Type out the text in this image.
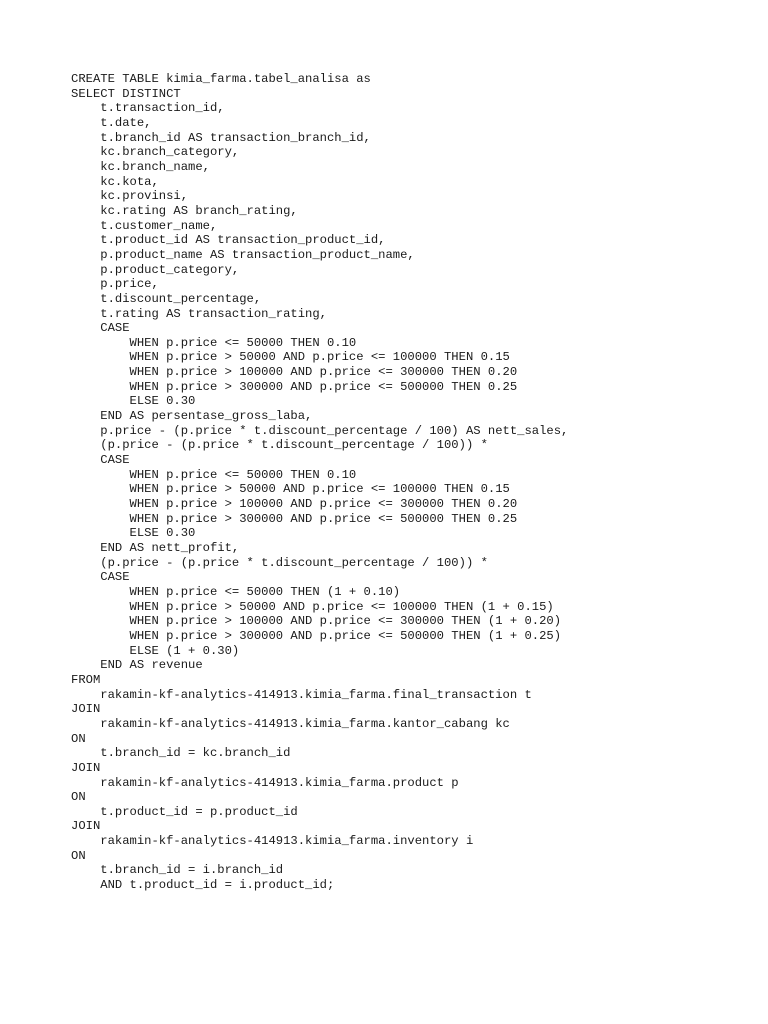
CREATE TABLE kimia_farma.tabel_analisa as
SELECT DISTINCT
t.transaction_id,
t.date,
t.branch_id AS transaction_branch_id,
kc.branch_category,
kc.branch_name,
kc.kota,
kc.provinsi,
kc.rating AS branch_rating,
t.customer_name,
t.product_id AS transaction_product_id,
p.product_name AS transaction_product_name,
p.product_category,
p.price,
t.discount_percentage,
t.rating AS transaction_rating,
CASE
WHEN p.price <= 50000 THEN 0.10
WHEN p.price > 50000 AND p.price <= 100000 THEN 0.15
WHEN p.price > 100000 AND p.price <= 300000 THEN 0.20
WHEN p.price > 300000 AND p.price <= 500000 THEN 0.25
ELSE 0.30
END AS persentase_gross_laba,
p.price - (p.price * t.discount_percentage / 100) AS nett_sales,
(p.price - (p.price * t.discount_percentage / 100)) *
CASE
WHEN p.price <= 50000 THEN 0.10
WHEN p.price > 50000 AND p.price <= 100000 THEN 0.15
WHEN p.price > 100000 AND p.price <= 300000 THEN 0.20
WHEN p.price > 300000 AND p.price <= 500000 THEN 0.25
ELSE 0.30
END AS nett_profit,
(p.price - (p.price * t.discount_percentage / 100)) *
CASE
WHEN p.price <= 50000 THEN (1 + 0.10)
WHEN p.price > 50000 AND p.price <= 100000 THEN (1 + 0.15)
WHEN p.price > 100000 AND p.price <= 300000 THEN (1 + 0.20)
WHEN p.price > 300000 AND p.price <= 500000 THEN (1 + 0.25)
ELSE (1 + 0.30)
END AS revenue
FROM
rakamin-kf-analytics-414913.kimia_farma.final_transaction t
JOIN
rakamin-kf-analytics-414913.kimia_farma.kantor_cabang kc
ON
t.branch_id = kc.branch_id
JOIN
rakamin-kf-analytics-414913.kimia_farma.product p
ON
t.product_id = p.product_id
JOIN
rakamin-kf-analytics-414913.kimia_farma.inventory i
ON
t.branch_id = i.branch_id
AND t.product_id = i.product_id;
